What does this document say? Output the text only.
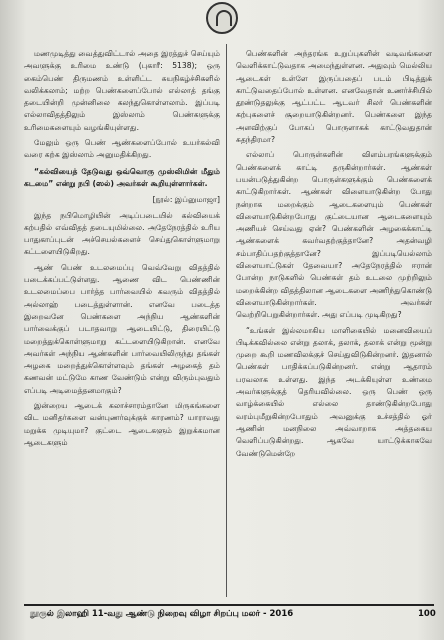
மணமுடித்து வைத்துவிட்டால் அதை இரத்துச் செய்யும் அவளுக்கு உரிமை உண்டு (புகாரீ: 5138); ஒரு கைம்பெண் திருமணம் உள்ளிட்ட சுயநிகழ்ச்சிகளில் வலிக்கலாம்; மற்ற பெண்களைப்போல் எல்லாத் தங்கு தடையின்றி முன்னிலை கலந்துகொள்ளலாம். இப்படி எல்லாவிதத்திலும் இஸ்லாம் பெண்களுக்கு உரிமைகளையும் வழங்கியுள்ளது.

மேலும் ஒரு பெண் ஆண்களைப்போல் உயர்கல்வி வரை கற்க இஸ்லாம் அனுமதிக்கிறது.

“கல்வியைத் தேடுவது ஒவ்வொரு முஸ்லிமின் மீதும் கடமை” என்று நபி (ஸல்) அவர்கள் கூறியுள்ளார்கள்.

[நூல்: இப்னுமாஜா]

இந்த நபிமொழியின் அடிப்படையில் கல்வியைக் கற்பதில் எவ்விதத் தடையுமில்லை. அதேநேரத்தில் உரிய பாதுகாப்புடன் அச்செயல்களைச் செய்துகொள்ளுமாறு கட்டளையிடுகிறது.

ஆண் பெண் உடலமைப்பு வெவ்வேறு விதத்தில் படைக்கப்பட்டுள்ளது. ஆணை விட பெண்ணின் உடலமைப்பை பார்த்த பார்வையில் கவரும் விதத்தில் அல்லாஹ் படைத்துள்ளான். எனவே படைத்த இறைவனே பெண்களை அந்நிய ஆண்களின் பார்வைக்குப் படாதவாறு ஆடையிட்டு, திரையிட்டு மறைத்துக்கொள்ளுமாறு கட்டளையிடுகிறான். எனவே அவர்கள் அந்நிய ஆண்களின் பார்வையிலிருந்து தங்கள் அழகை மறைத்துக்கொள்ளவும் தங்கள் அழகைத் தம் கணவன் மட்டுமே காண வேண்டும் என்று விரும்புவதும் எப்படி அடிமைத்தனமாகும்?

இன்றைய ஆடைக் கலாச்சாரம்தானே மிருகங்களை விட மனிதர்களை வன்புணர்வுக்குக் காரணம்? யாராவது மறுக்க முடியுமா? குட்டை ஆடைகளும் இறுக்கமான ஆடைகளும்

பெண்களின் அந்தரங்க உறுப்புகளின் வடிவங்களை வெளிக்காட்டுவதாக அமைந்துள்ளன. அதுவும் மெல்லிய ஆடைகள் உள்ளே இருப்பதைப் படம் பிடித்துக் காட்டுவதைப்போல் உள்ளன. எனவேதான் உணர்ச்சியில் தூண்டுதலுக்கு ஆட்பட்ட ஆடவர் சிலர் பெண்களின் கற்புகளைச் சூறையாடுகின்றனர். பெண்களை இந்த அளவிற்குப் போகப் பொருளாகக் காட்டுவதுதான் சுதந்திரமா?

எல்லாப் பொருள்களின் விளம்பரங்களுக்கும் பெண்களைக் காட்டி தருகின்றார்கள். ஆண்கள் பயன்படுத்துகின்ற பொருள்களுக்கும் பெண்களைக் காட்டுகிறார்கள். ஆண்கள் விளையாடுகின்ற போது நன்றாக மறைக்கும் ஆடைகளையும் பெண்கள் விளையாடுகின்றபோது குட்டையான ஆடைகளையும் அணியச் செய்வது ஏன்? பெண்களின் அழகைக்காட்டி ஆண்களைக் கவர்வதற்குத்தானே? அதன்வழி சம்பாதிப்பதற்குத்தானே? இப்படியெல்லாம் விளையாட்டுகள் தேவையா? அதேநேரத்தில் ஈரான் போன்ற நாடுகளில் பெண்கள் தம் உடலை முற்றிலும் மறைக்கின்ற விதத்திலான ஆடைகளை அணிந்துகொண்டு விளையாடுகின்றார்கள். அவர்கள் வெற்றிபெறுகின்றார்கள். அது எப்படி முடிகிறது?

“உங்கள் இல்லமாகிய மாளிகையில் மனைவியைப் பிடிக்கவில்லை என்று தலாக், தலாக், தலாக் என்று மூன்று முறை கூறி மணவிலக்குச் செய்துவிடுகின்றனர். இதனால் பெண்கள் பாதிக்கப்படுகின்றனர். என்று ஆதாரம் பரவலாக உள்ளது. இந்த அடக்கியுள்ள உண்மை அவர்களுக்குத் தெரியவில்லை. ஒரு பெண் ஒரு வாழ்க்கையில் எல்லை தாண்டுகின்றபோது வரம்புமீறுகின்றபோதும் அவனுக்கு உச்சத்தில் ஓர் ஆணின் மனநிலை அவ்வாறாக அத்தகைய வெளிப்படுகின்றது. ஆகவே யாட்டுக்காகவே வேண்டுமென்றே

நூருல் இலாஹி 11-வது ஆண்டு நிறைவு விழா சிறப்பு மலர் - 2016	100
